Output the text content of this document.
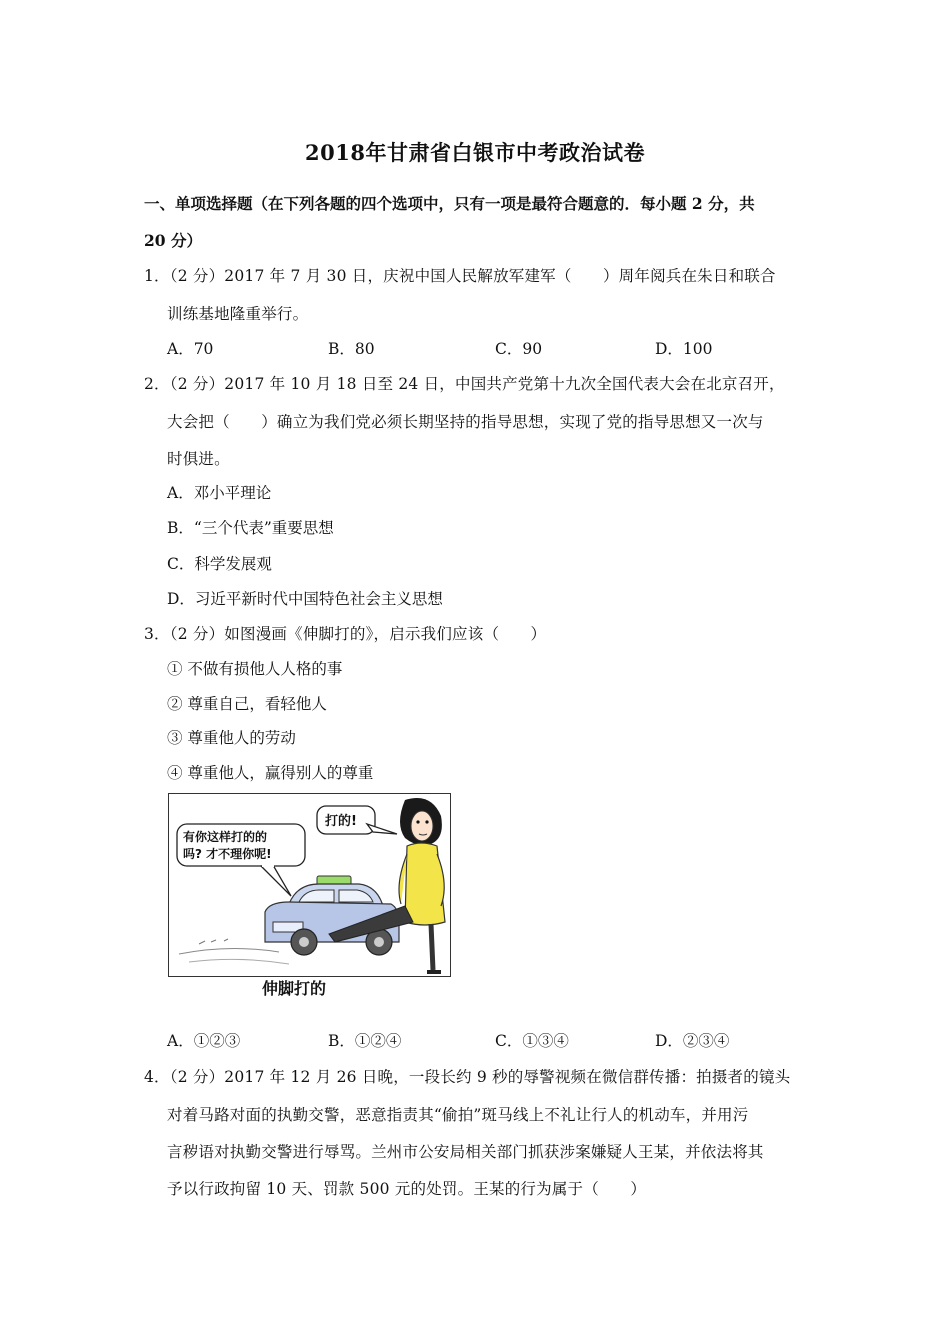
2018年甘肃省白银市中考政治试卷
一、单项选择题（在下列各题的四个选项中，只有一项是最符合题意的．每小题 2 分，共
20 分）
1．（2 分）2017 年 7 月 30 日，庆祝中国人民解放军建军（　　）周年阅兵在朱日和联合
训练基地隆重举行。
A．70	B．80	C．90	D．100
2．（2 分）2017 年 10 月 18 日至 24 日，中国共产党第十九次全国代表大会在北京召开，
大会把（　　）确立为我们党必须长期坚持的指导思想，实现了党的指导思想又一次与
时俱进。
A．邓小平理论
B．“三个代表”重要思想
C．科学发展观
D．习近平新时代中国特色社会主义思想
3．（2 分）如图漫画《伸脚打的》，启示我们应该（　　）
① 不做有损他人人格的事
② 尊重自己，看轻他人
③ 尊重他人的劳动
④ 尊重他人，赢得别人的尊重
有你这样打的的
吗? 才不理你呢!
打的!
伸脚打的
A．①②③	B．①②④	C．①③④	D．②③④
4．（2 分）2017 年 12 月 26 日晚，一段长约 9 秒的辱警视频在微信群传播：拍摄者的镜头
对着马路对面的执勤交警，恶意指责其“偷拍”斑马线上不礼让行人的机动车，并用污
言秽语对执勤交警进行辱骂。兰州市公安局相关部门抓获涉案嫌疑人王某，并依法将其
予以行政拘留 10 天、罚款 500 元的处罚。王某的行为属于（　　）
